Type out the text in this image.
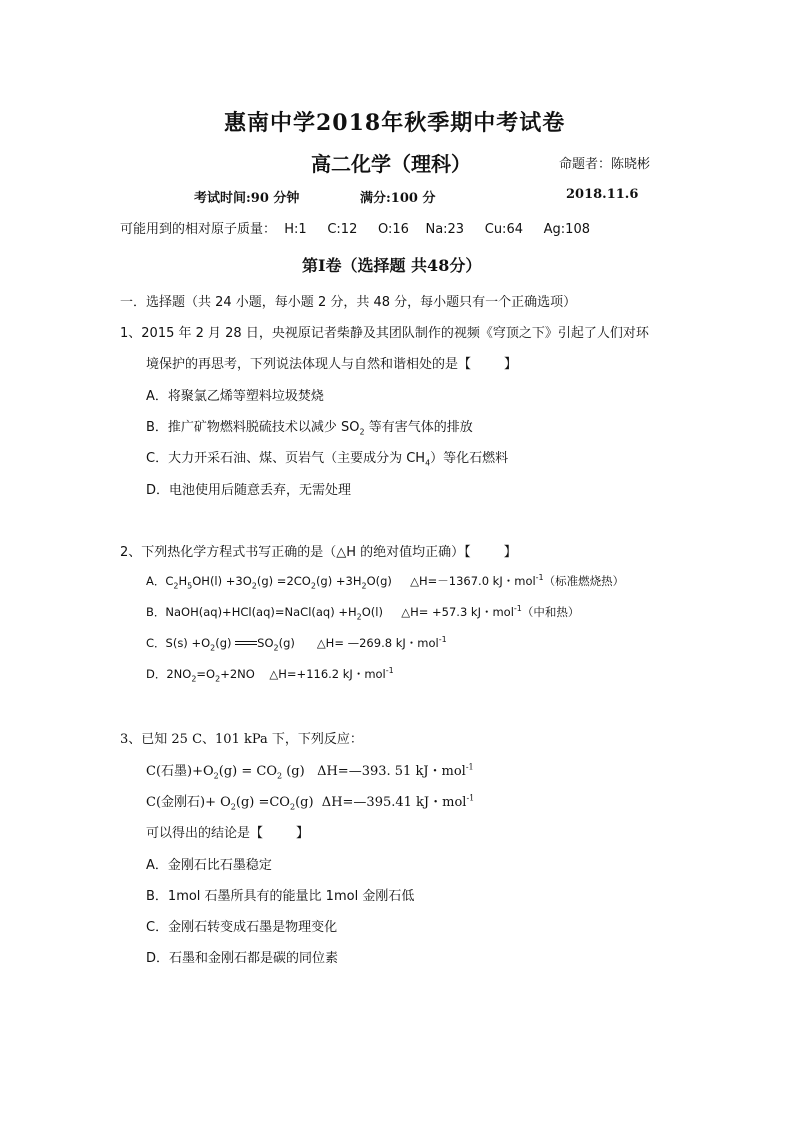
惠南中学2018年秋季期中考试卷
高二化学（理科）	命题者：陈晓彬
考试时间:90 分钟	满分:100 分	2018.11.6
可能用到的相对原子质量：  H:1     C:12     O:16    Na:23     Cu:64     Ag:108
第Ⅰ卷（选择题 共48分）
一．选择题（共 24 小题，每小题 2 分，共 48 分，每小题只有一个正确选项）
1、2015 年 2 月 28 日，央视原记者柴静及其团队制作的视频《穹顶之下》引起了人们对环
境保护的再思考，下列说法体现人与自然和谐相处的是【        】
A．将聚氯乙烯等塑料垃圾焚烧
B．推广矿物燃料脱硫技术以减少 $SO_2$ 等有害气体的排放
C．大力开采石油、煤、页岩气（主要成分为 $CH_4$）等化石燃料
D．电池使用后随意丢弃，无需处理
2、下列热化学方程式书写正确的是（△H 的绝对值均正确）【        】
A．$C_2H_5OH(l) +3O_2(g) =2CO_2(g) +3H_2O(g)$     △H=－1367.0 kJ・mol$^{-1}$（标准燃烧热）
B．NaOH(aq)+HCl(aq)=NaCl(aq) $+H_2O(l)$     △H= +57.3 kJ・mol$^{-1}$（中和热）
C．$S(s) +O_2(g)$ $SO_2(g)$      △H= —269.8 kJ・mol$^{-1}$
D．$2NO_2=O_2+2NO$    △H=+116.2 kJ・mol$^{-1}$
3、已知 25 C、101 kPa 下，下列反应：
C(石墨)$+O_2(g) = CO_2$ (g)   ΔH=—393. 51 kJ・mol$^{-1}$
C(金刚石)+ $O_2(g) =CO_2(g)$  ΔH=—395.41 kJ・mol$^{-1}$
可以得出的结论是【        】
A．金刚石比石墨稳定
B．1mol 石墨所具有的能量比 1mol 金刚石低
C．金刚石转变成石墨是物理变化
D．石墨和金刚石都是碳的同位素
